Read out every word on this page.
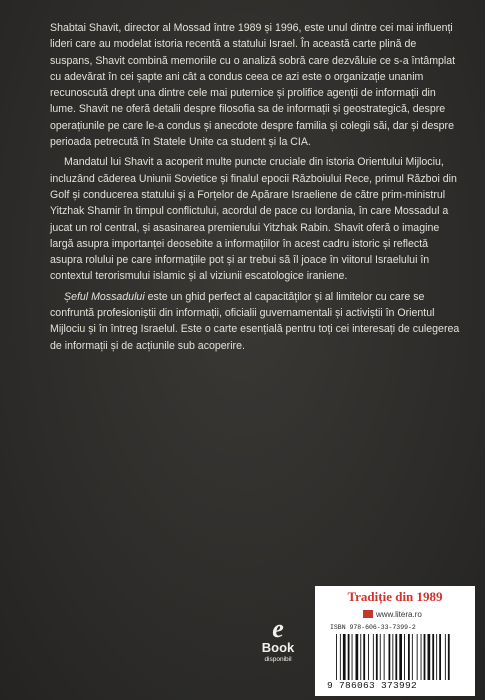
Shabtai Shavit, director al Mossad între 1989 și 1996, este unul dintre cei mai influenți lideri care au modelat istoria recentă a statului Israel. În această carte plină de suspans, Shavit combină memoriile cu o analiză sobră care dezvăluie ce s-a întâmplat cu adevărat în cei șapte ani cât a condus ceea ce azi este o organizație unanim recunoscută drept una dintre cele mai puternice și prolifice agenții de informații din lume. Shavit ne oferă detalii despre filosofia sa de informații și geostrategică, despre operațiunile pe care le-a condus și anecdote despre familia și colegii săi, dar și despre perioada petrecută în Statele Unite ca student și la CIA.

Mandatul lui Shavit a acoperit multe puncte cruciale din istoria Orientului Mijlociu, incluzând căderea Uniunii Sovietice și finalul epocii Războiului Rece, primul Război din Golf și conducerea statului și a Forțelor de Apărare Israeliene de către prim-ministrul Yitzhak Shamir în timpul conflictului, acordul de pace cu Iordania, în care Mossadul a jucat un rol central, și asasinarea premierului Yitzhak Rabin. Shavit oferă o imagine largă asupra importanței deosebite a informațiilor în acest cadru istoric și reflectă asupra rolului pe care informațiile pot și ar trebui să îl joace în viitorul Israelului în contextul terorismului islamic și al viziunii escatologice iraniene.

Șeful Mossadului este un ghid perfect al capacităților și al limitelor cu care se confruntă profesioniștii din informații, oficialii guvernamentali și activiștii în Orientul Mijlociu și în întreg Israelul. Este o carte esențială pentru toți cei interesați de culegerea de informații și de acțiunile sub acoperire.

e
Book
disponibil
Tradiție din 1989
www.litera.ro
ISBN 978-606-33-7399-2
9 786063 373992
